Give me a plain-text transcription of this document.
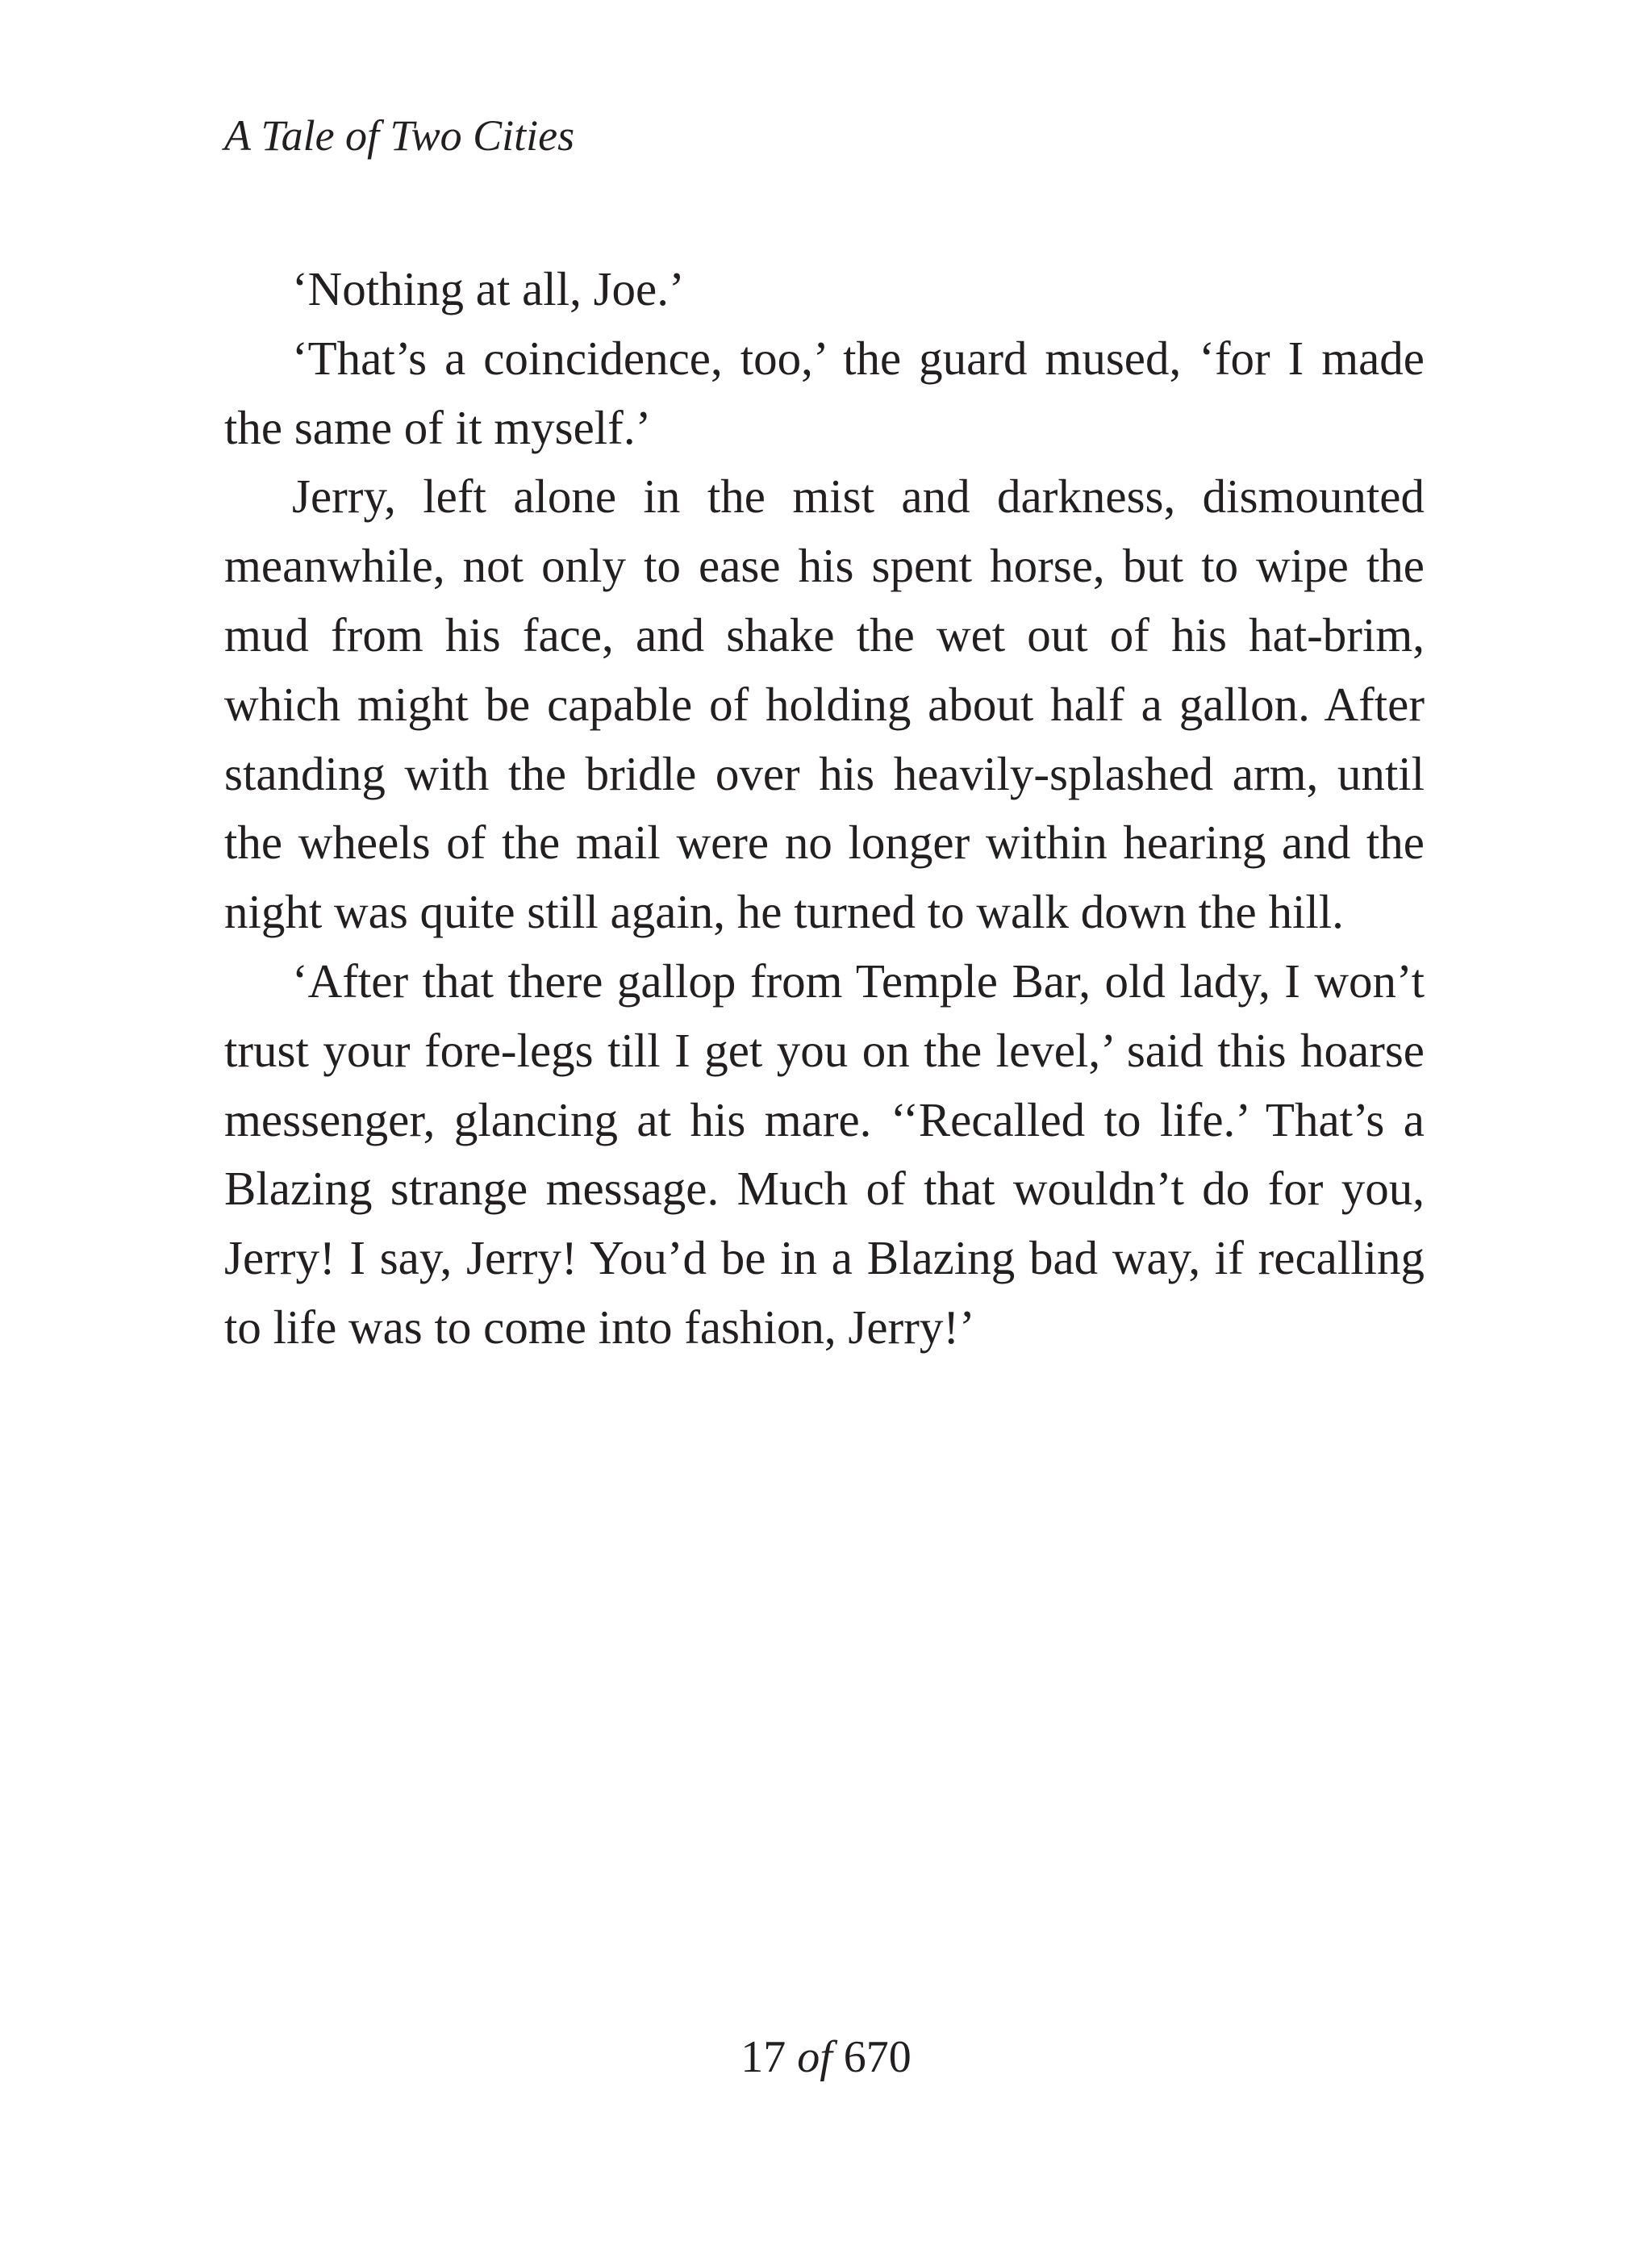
A Tale of Two Cities

‘Nothing at all, Joe.’

‘That’s a coincidence, too,’ the guard mused, ‘for I made the same of it myself.’

Jerry, left alone in the mist and darkness, dismounted meanwhile, not only to ease his spent horse, but to wipe the mud from his face, and shake the wet out of his hat-brim, which might be capable of holding about half a gallon. After standing with the bridle over his heavily-splashed arm, until the wheels of the mail were no longer within hearing and the night was quite still again, he turned to walk down the hill.

‘After that there gallop from Temple Bar, old lady, I won’t trust your fore-legs till I get you on the level,’ said this hoarse messenger, glancing at his mare. ‘‘Recalled to life.’ That’s a Blazing strange message. Much of that wouldn’t do for you, Jerry! I say, Jerry! You’d be in a Blazing bad way, if recalling to life was to come into fashion, Jerry!’

17 of 670
